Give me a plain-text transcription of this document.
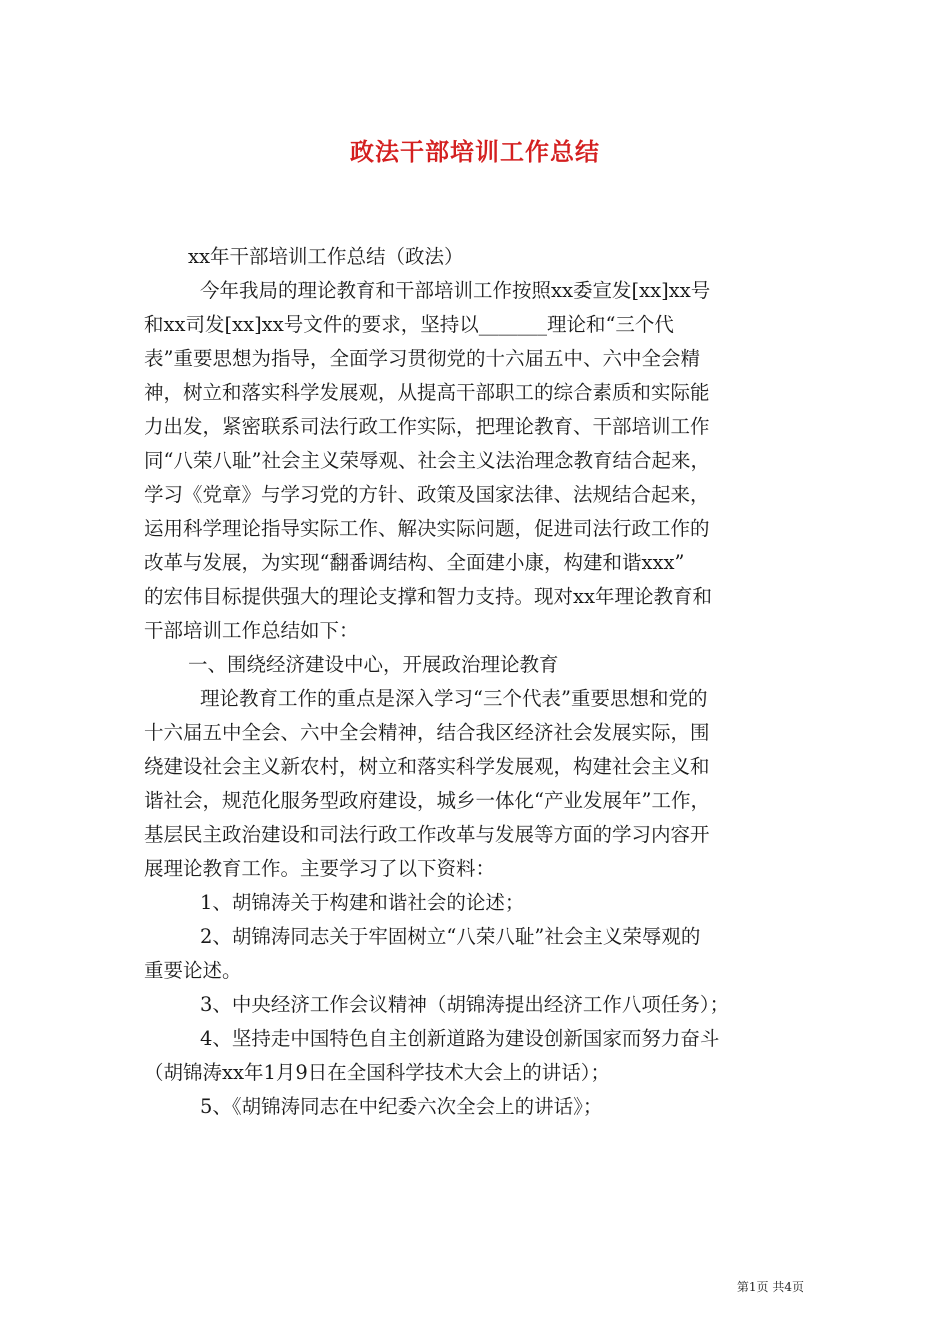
政法干部培训工作总结
xx年干部培训工作总结（政法）
今年我局的理论教育和干部培训工作按照xx委宣发[xx]xx号
和xx司发[xx]xx号文件的要求，坚持以_______理论和“三个代
表”重要思想为指导，全面学习贯彻党的十六届五中、六中全会精
神，树立和落实科学发展观，从提高干部职工的综合素质和实际能
力出发，紧密联系司法行政工作实际，把理论教育、干部培训工作
同“八荣八耻”社会主义荣辱观、社会主义法治理念教育结合起来，
学习《党章》与学习党的方针、政策及国家法律、法规结合起来，
运用科学理论指导实际工作、解决实际问题，促进司法行政工作的
改革与发展，为实现“翻番调结构、全面建小康，构建和谐xxx”
的宏伟目标提供强大的理论支撑和智力支持。现对xx年理论教育和
干部培训工作总结如下：
一、围绕经济建设中心，开展政治理论教育
理论教育工作的重点是深入学习“三个代表”重要思想和党的
十六届五中全会、六中全会精神，结合我区经济社会发展实际，围
绕建设社会主义新农村，树立和落实科学发展观，构建社会主义和
谐社会，规范化服务型政府建设，城乡一体化“产业发展年”工作，
基层民主政治建设和司法行政工作改革与发展等方面的学习内容开
展理论教育工作。主要学习了以下资料：
1、胡锦涛关于构建和谐社会的论述；
2、胡锦涛同志关于牢固树立“八荣八耻”社会主义荣辱观的
重要论述。
3、中央经济工作会议精神（胡锦涛提出经济工作八项任务）；
4、坚持走中国特色自主创新道路为建设创新国家而努力奋斗
（胡锦涛xx年1月9日在全国科学技术大会上的讲话）；
5、《胡锦涛同志在中纪委六次全会上的讲话》；
第1页 共4页
